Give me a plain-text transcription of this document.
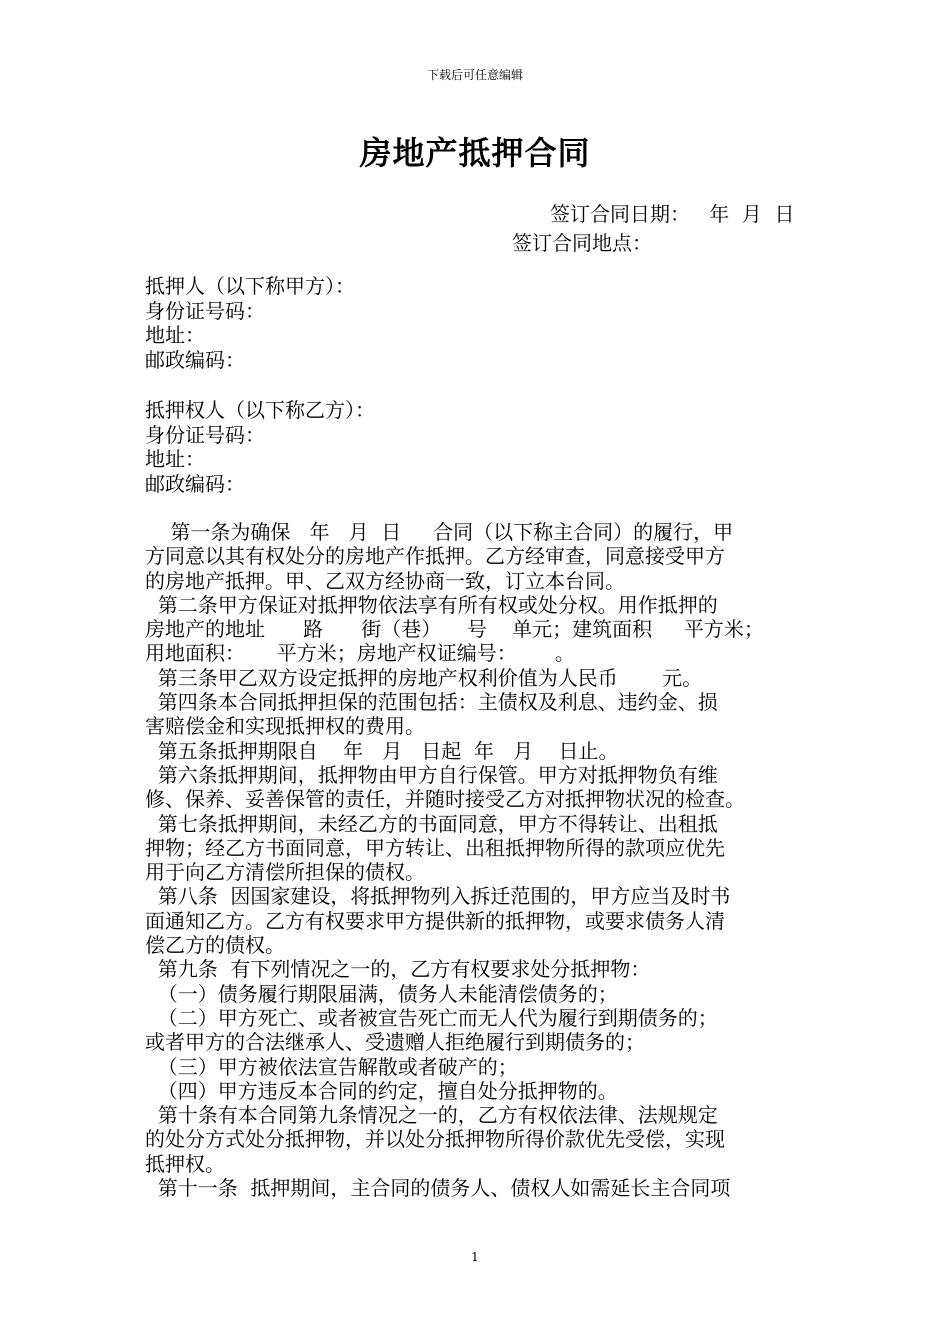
下载后可任意编辑
房地产抵押合同
签订合同日期：   年  月  日
签订合同地点：
抵押人（以下称甲方）：
身份证号码：
地址：
邮政编码：
抵押权人（以下称乙方）：
身份证号码：
地址：
邮政编码：
第一条为确保   年   月  日     合同（以下称主合同）的履行，甲
方同意以其有权处分的房地产作抵押。乙方经审查，同意接受甲方
的房地产抵押。甲、乙双方经协商一致，订立本台同。
第二条甲方保证对抵押物依法享有所有权或处分权。用作抵押的
房地产的地址      路      街（巷）    号    单元；建筑面积     平方米；
用地面积：     平方米；房地产权证编号：      。
第三条甲乙双方设定抵押的房地产权利价值为人民币       元。
第四条本合同抵押担保的范围包括：主债权及利息、违约金、损
害赔偿金和实现抵押权的费用。
第五条抵押期限自    年   月   日起  年   月    日止。
第六条抵押期间，抵押物由甲方自行保管。甲方对抵押物负有维
修、保养、妥善保管的责任，并随时接受乙方对抵押物状况的检查。
第七条抵押期间，未经乙方的书面同意，甲方不得转让、出租抵
押物；经乙方书面同意，甲方转让、出租抵押物所得的款项应优先
用于向乙方清偿所担保的债权。
第八条  因国家建设，将抵押物列入拆迁范围的，甲方应当及时书
面通知乙方。乙方有权要求甲方提供新的抵押物，或要求债务人清
偿乙方的债权。
第九条  有下列情况之一的，乙方有权要求处分抵押物：
（一）债务履行期限届满，债务人未能清偿债务的；
（二）甲方死亡、或者被宣告死亡而无人代为履行到期债务的；
或者甲方的合法继承人、受遗赠人拒绝履行到期债务的；
（三）甲方被依法宣告解散或者破产的；
（四）甲方违反本合同的约定，擅自处分抵押物的。
第十条有本合同第九条情况之一的，乙方有权依法律、法规规定
的处分方式处分抵押物，并以处分抵押物所得价款优先受偿，实现
抵押权。
第十一条  抵押期间，主合同的债务人、债权人如需延长主合同项
1
